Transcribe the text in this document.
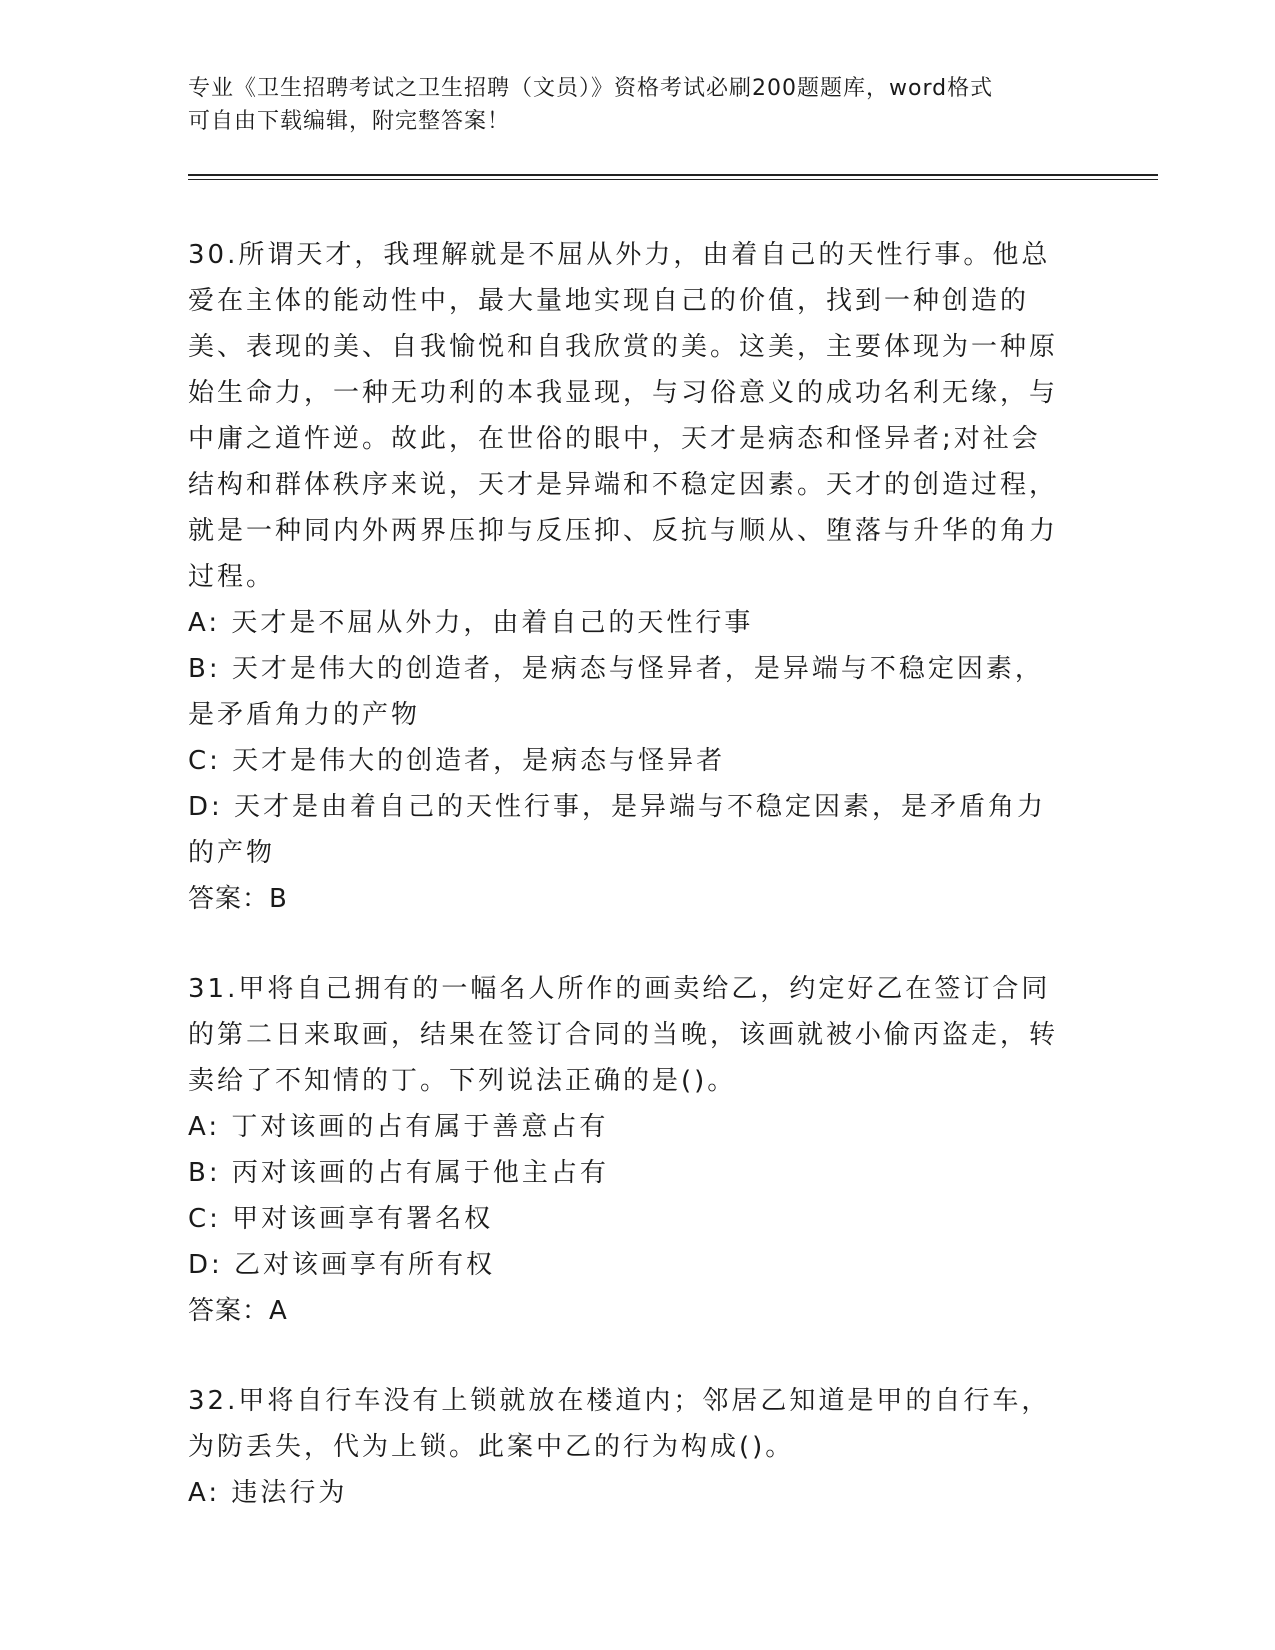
专业《卫生招聘考试之卫生招聘（文员）》资格考试必刷200题题库，word格式
可自由下载编辑，附完整答案！
30.所谓天才，我理解就是不屈从外力，由着自己的天性行事。他总爱在主体的能动性中，最大量地实现自己的价值，找到一种创造的美、表现的美、自我愉悦和自我欣赏的美。这美，主要体现为一种原始生命力，一种无功利的本我显现，与习俗意义的成功名利无缘，与中庸之道忤逆。故此，在世俗的眼中，天才是病态和怪异者;对社会结构和群体秩序来说，天才是异端和不稳定因素。天才的创造过程，就是一种同内外两界压抑与反压抑、反抗与顺从、堕落与升华的角力过程。
A: 天才是不屈从外力，由着自己的天性行事
B: 天才是伟大的创造者，是病态与怪异者，是异端与不稳定因素，是矛盾角力的产物
C: 天才是伟大的创造者，是病态与怪异者
D: 天才是由着自己的天性行事，是异端与不稳定因素，是矛盾角力的产物
答案：B
31.甲将自己拥有的一幅名人所作的画卖给乙，约定好乙在签订合同的第二日来取画，结果在签订合同的当晚，该画就被小偷丙盗走，转卖给了不知情的丁。下列说法正确的是()。
A: 丁对该画的占有属于善意占有
B: 丙对该画的占有属于他主占有
C: 甲对该画享有署名权
D: 乙对该画享有所有权
答案：A
32.甲将自行车没有上锁就放在楼道内；邻居乙知道是甲的自行车，为防丢失，代为上锁。此案中乙的行为构成()。
A: 违法行为
